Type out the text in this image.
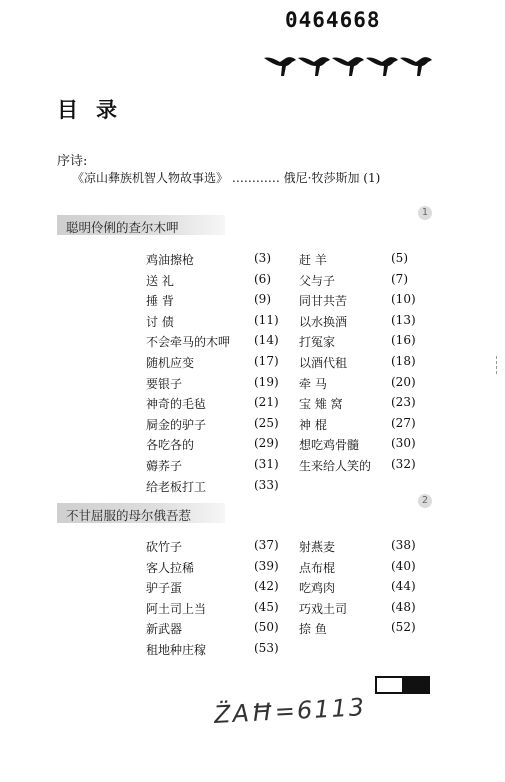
0464668
目录
序诗:
《凉山彝族机智人物故事选》 ………… 俄尼·牧莎斯加 (1)
聪明伶俐的查尔木呷
1
鸡油擦枪	(3) 赶 羊	(5)
送 礼	(6) 父与子	(7)
捶 背	(9) 同甘共苦	(10)
讨 债	(11) 以水换酒	(13)
不会牵马的木呷 (14) 打冤家	(16)
随机应变	(17) 以酒代租	(18)
要银子	(19) 牵 马	(20)
神奇的毛毡	(21) 宝 雉 窝	(23)
屙金的驴子	(25) 神 棍	(27)
各吃各的	(29) 想吃鸡骨髓	(30)
薅荞子	(31) 生来给人笑的 (32)
给老板打工	(33)
不甘屈服的母尔俄吾惹
2
砍竹子	(37) 射燕麦	(38)
客人拉稀	(39) 点布棍	(40)
驴子蛋	(42) 吃鸡肉	(44)
阿土司上当	(45) 巧戏土司	(48)
新武器	(50) 捺 鱼	(52)
租地种庄稼	(53)
Z̈AĦ=6113
